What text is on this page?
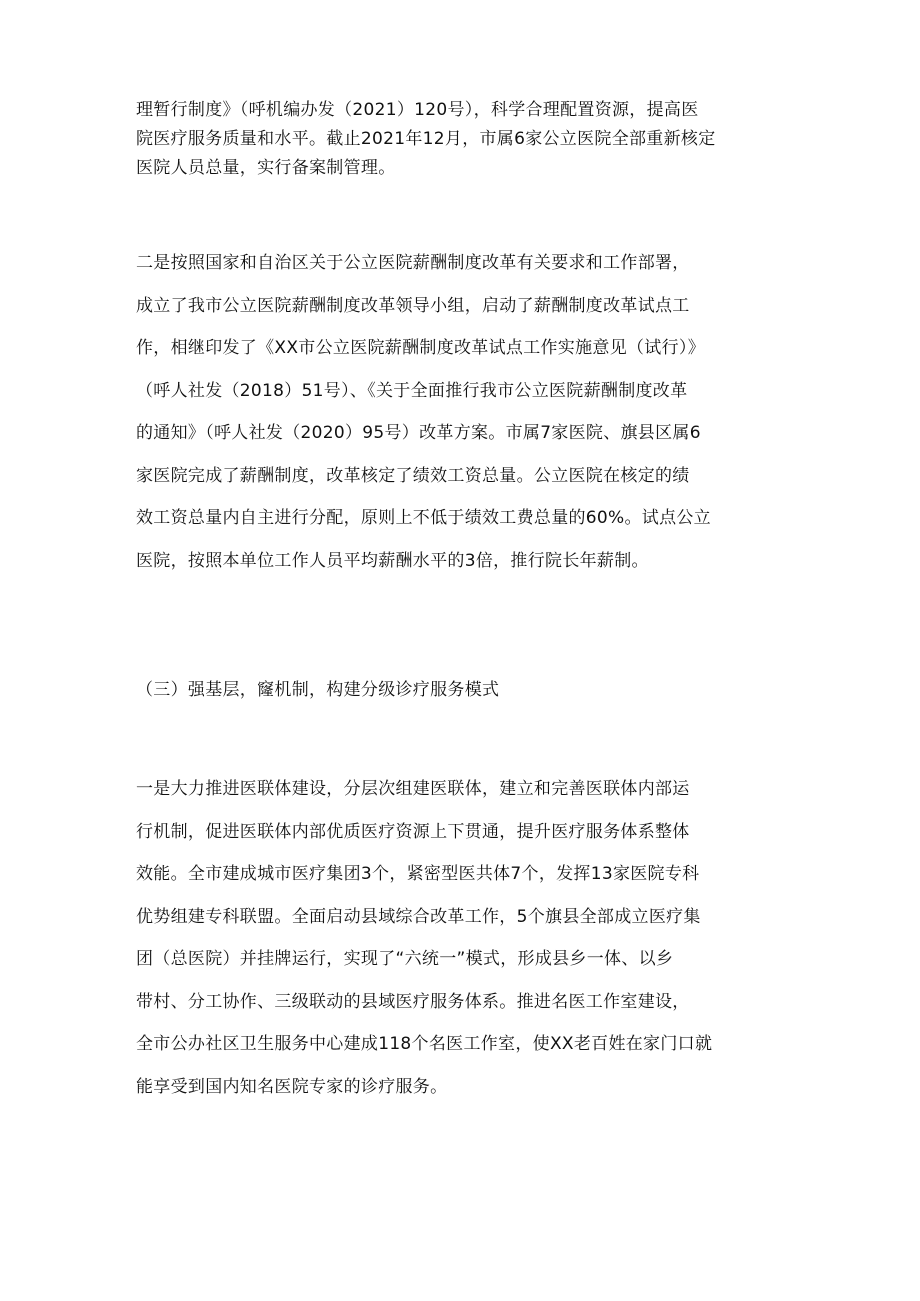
理暂行制度》（呼机编办发（2021）120号），科学合理配置资源，提高医
院医疗服务质量和水平。截止2021年12月，市属6家公立医院全部重新核定
医院人员总量，实行备案制管理。
二是按照国家和自治区关于公立医院薪酬制度改革有关要求和工作部署，
成立了我市公立医院薪酬制度改革领导小组，启动了薪酬制度改革试点工
作，相继印发了《XX市公立医院薪酬制度改革试点工作实施意见（试行）》
（呼人社发（2018）51号）、《关于全面推行我市公立医院薪酬制度改革
的通知》（呼人社发（2020）95号）改革方案。市属7家医院、旗县区属6
家医院完成了薪酬制度，改革核定了绩效工资总量。公立医院在核定的绩
效工资总量内自主进行分配，原则上不低于绩效工费总量的60%。试点公立
医院，按照本单位工作人员平均薪酬水平的3倍，推行院长年薪制。
（三）强基层，窿机制，构建分级诊疗服务模式
一是大力推进医联体建设，分层次组建医联体，建立和完善医联体内部运
行机制，促进医联体内部优质医疗资源上下贯通，提升医疗服务体系整体
效能。全市建成城市医疗集团3个，紧密型医共体7个，发挥13家医院专科
优势组建专科联盟。全面启动县域综合改革工作，5个旗县全部成立医疗集
团（总医院）并挂牌运行，实现了“六统一”模式，形成县乡一体、以乡
带村、分工协作、三级联动的县域医疗服务体系。推进名医工作室建设，
全市公办社区卫生服务中心建成118个名医工作室，使XX老百姓在家门口就
能享受到国内知名医院专家的诊疗服务。
